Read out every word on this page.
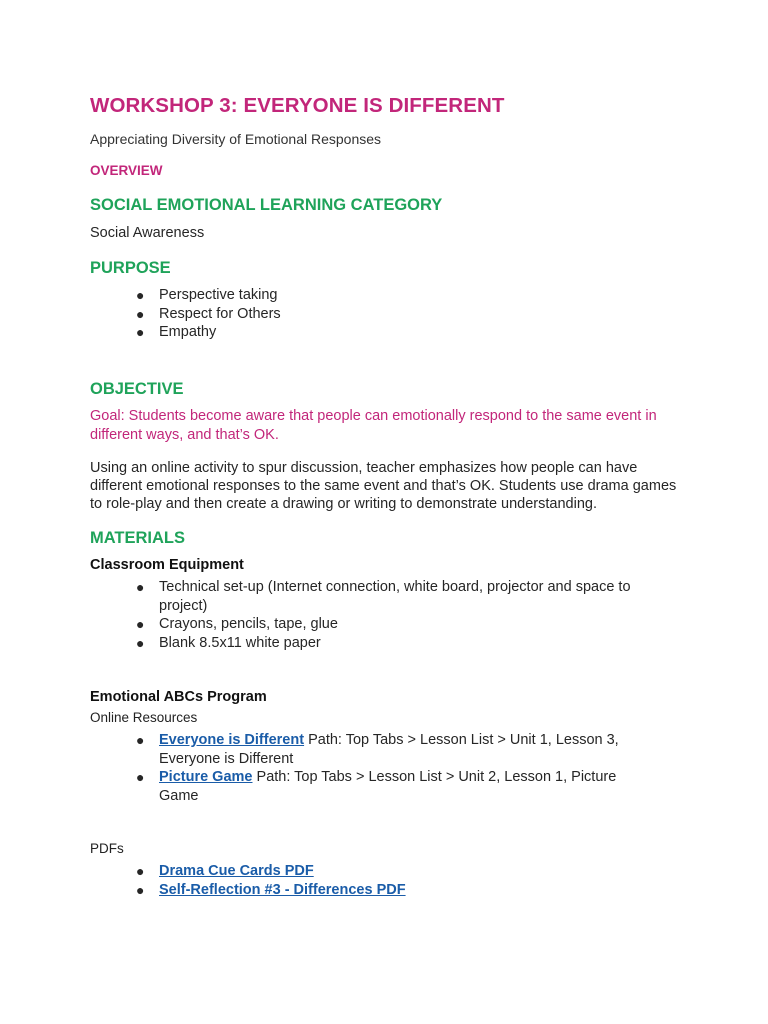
WORKSHOP 3: EVERYONE IS DIFFERENT
Appreciating Diversity of Emotional Responses
OVERVIEW
SOCIAL EMOTIONAL LEARNING CATEGORY
Social Awareness
PURPOSE
● Perspective taking
● Respect for Others
● Empathy
OBJECTIVE
Goal: Students become aware that people can emotionally respond to the same event in different ways, and that’s OK.
Using an online activity to spur discussion, teacher emphasizes how people can have different emotional responses to the same event and that’s OK. Students use drama games to role-play and then create a drawing or writing to demonstrate understanding.
MATERIALS
Classroom Equipment
● Technical set-up (Internet connection, white board, projector and space to project)
● Crayons, pencils, tape, glue
● Blank 8.5x11 white paper
Emotional ABCs Program
Online Resources
● Everyone is Different Path: Top Tabs > Lesson List > Unit 1, Lesson 3, Everyone is Different
● Picture Game Path: Top Tabs > Lesson List > Unit 2, Lesson 1, Picture Game
PDFs
● Drama Cue Cards PDF
● Self-Reflection #3 - Differences PDF
